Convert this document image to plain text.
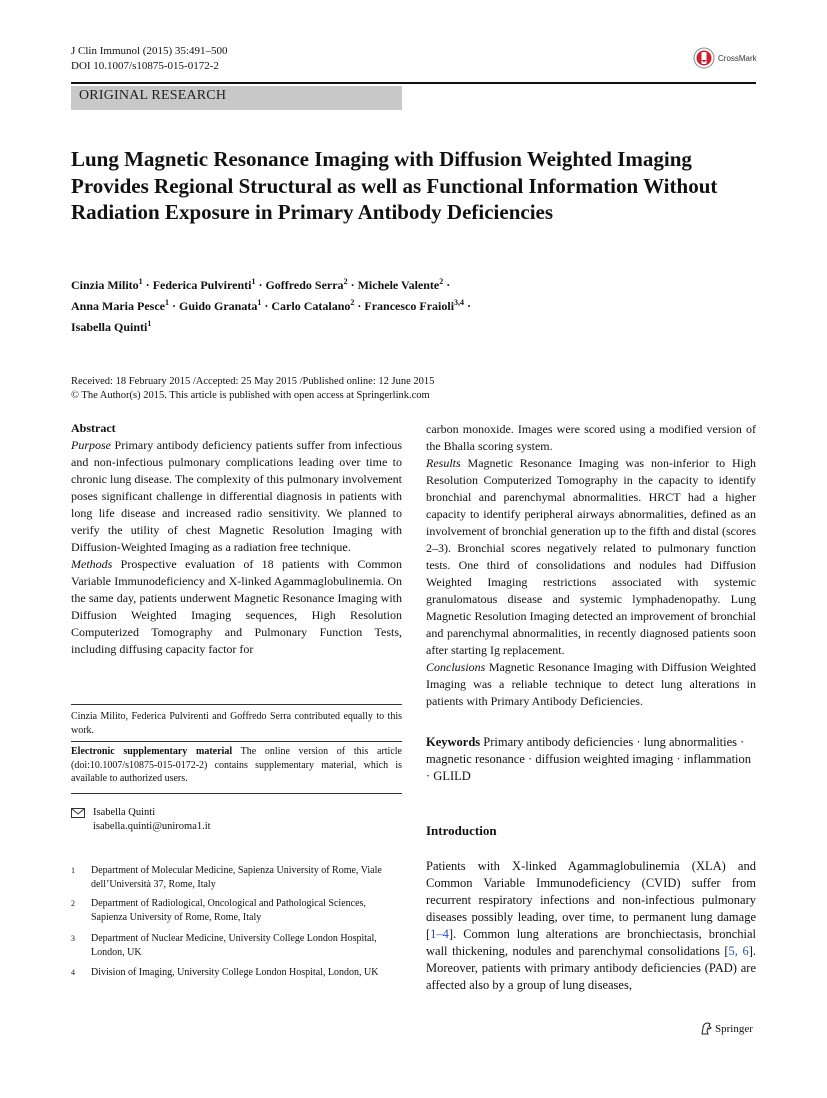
J Clin Immunol (2015) 35:491–500
DOI 10.1007/s10875-015-0172-2
CrossMark
ORIGINAL RESEARCH
Lung Magnetic Resonance Imaging with Diffusion Weighted Imaging Provides Regional Structural as well as Functional Information Without Radiation Exposure in Primary Antibody Deficiencies
Cinzia Milito$^1$ · Federica Pulvirenti$^1$ · Goffredo Serra$^2$ · Michele Valente$^2$ ·
Anna Maria Pesce$^1$ · Guido Granata$^1$ · Carlo Catalano$^2$ · Francesco Fraioli$^{3,4}$ ·
Isabella Quinti$^1$
Received: 18 February 2015 /Accepted: 25 May 2015 /Published online: 12 June 2015
© The Author(s) 2015. This article is published with open access at Springerlink.com
Abstract
Purpose Primary antibody deficiency patients suffer from infectious and non-infectious pulmonary complications leading over time to chronic lung disease. The complexity of this pulmonary involvement poses significant challenge in differential diagnosis in patients with long life disease and increased radio sensitivity. We planned to verify the utility of chest Magnetic Resolution Imaging with Diffusion-Weighted Imaging as a radiation free technique.
Methods Prospective evaluation of 18 patients with Common Variable Immunodeficiency and X-linked Agammaglobulinemia. On the same day, patients underwent Magnetic Resonance Imaging with Diffusion Weighted Imaging sequences, High Resolution Computerized Tomography and Pulmonary Function Tests, including diffusing capacity factor for
carbon monoxide. Images were scored using a modified version of the Bhalla scoring system.
Results Magnetic Resonance Imaging was non-inferior to High Resolution Computerized Tomography in the capacity to identify bronchial and parenchymal abnormalities. HRCT had a higher capacity to identify peripheral airways abnormalities, defined as an involvement of bronchial generation up to the fifth and distal (scores 2–3). Bronchial scores negatively related to pulmonary function tests. One third of consolidations and nodules had Diffusion Weighted Imaging restrictions associated with systemic granulomatous disease and systemic lymphadenopathy. Lung Magnetic Resolution Imaging detected an improvement of bronchial and parenchymal abnormalities, in recently diagnosed patients soon after starting Ig replacement.
Conclusions Magnetic Resonance Imaging with Diffusion Weighted Imaging was a reliable technique to detect lung alterations in patients with Primary Antibody Deficiencies.
Keywords Primary antibody deficiencies · lung abnormalities · magnetic resonance · diffusion weighted imaging · inflammation · GLILD
Cinzia Milito, Federica Pulvirenti and Goffredo Serra contributed equally to this work.
Electronic supplementary material The online version of this article (doi:10.1007/s10875-015-0172-2) contains supplementary material, which is available to authorized users.
Isabella Quinti
isabella.quinti@uniroma1.it
1	Department of Molecular Medicine, Sapienza University of Rome, Viale dell’Università 37, Rome, Italy
2	Department of Radiological, Oncological and Pathological Sciences, Sapienza University of Rome, Rome, Italy
3	Department of Nuclear Medicine, University College London Hospital, London, UK
4	Division of Imaging, University College London Hospital, London, UK
Introduction
Patients with X-linked Agammaglobulinemia (XLA) and Common Variable Immunodeficiency (CVID) suffer from recurrent respiratory infections and non-infectious pulmonary diseases possibly leading, over time, to permanent lung damage [1–4]. Common lung alterations are bronchiectasis, bronchial wall thickening, nodules and parenchymal consolidations [5, 6]. Moreover, patients with primary antibody deficiencies (PAD) are affected also by a group of lung diseases,
Springer
